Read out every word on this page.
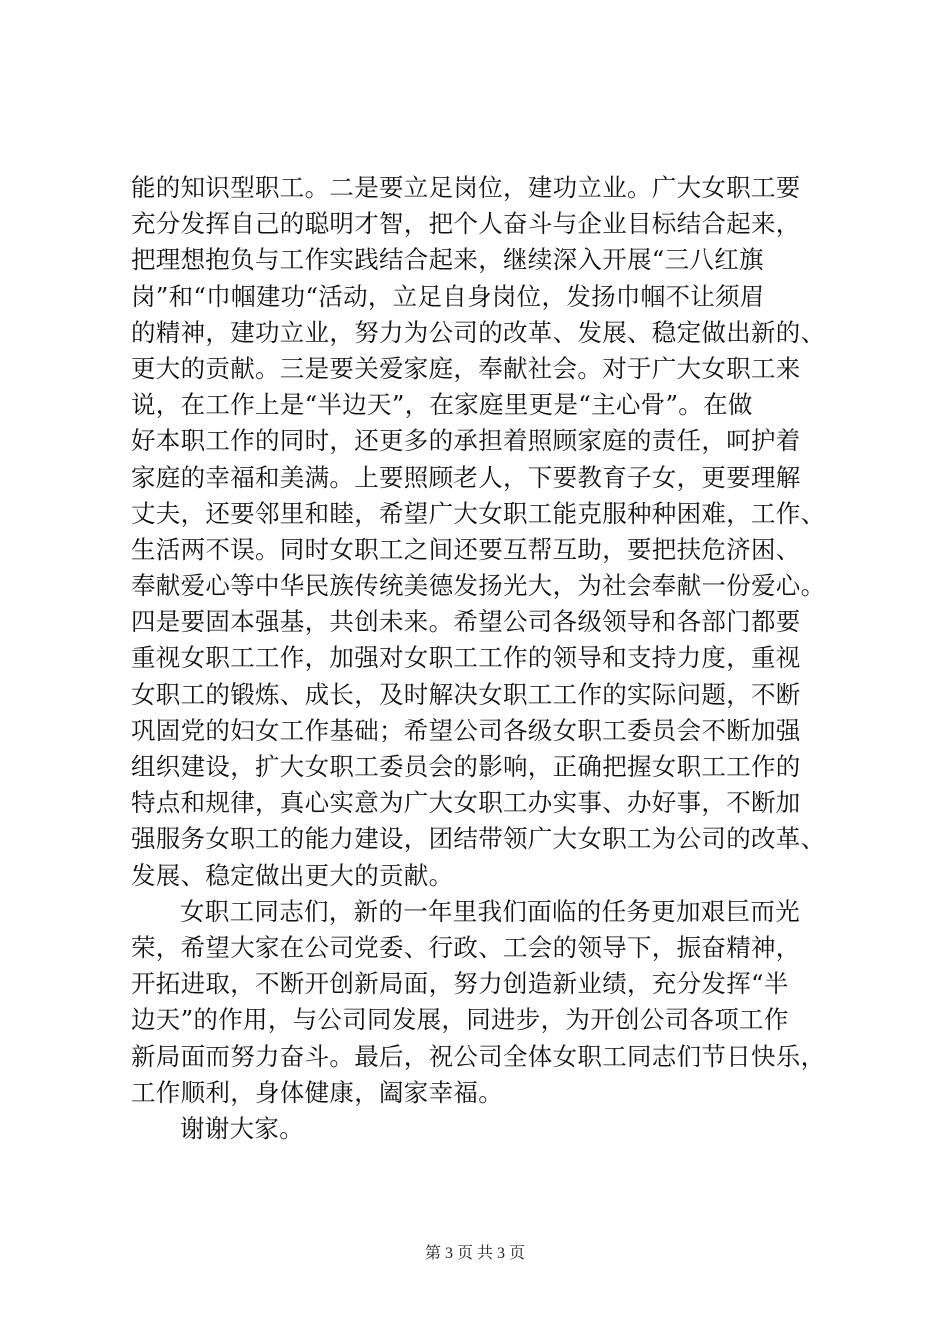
能的知识型职工。二是要立足岗位，建功立业。广大女职工要
充分发挥自己的聪明才智，把个人奋斗与企业目标结合起来，
把理想抱负与工作实践结合起来，继续深入开展“三八红旗
岗”和“巾帼建功“活动，立足自身岗位，发扬巾帼不让须眉
的精神，建功立业，努力为公司的改革、发展、稳定做出新的、
更大的贡献。三是要关爱家庭，奉献社会。对于广大女职工来
说，在工作上是“半边天”，在家庭里更是“主心骨”。在做
好本职工作的同时，还更多的承担着照顾家庭的责任，呵护着
家庭的幸福和美满。上要照顾老人，下要教育子女，更要理解
丈夫，还要邻里和睦，希望广大女职工能克服种种困难，工作、
生活两不误。同时女职工之间还要互帮互助，要把扶危济困、
奉献爱心等中华民族传统美德发扬光大，为社会奉献一份爱心。
四是要固本强基，共创未来。希望公司各级领导和各部门都要
重视女职工工作，加强对女职工工作的领导和支持力度，重视
女职工的锻炼、成长，及时解决女职工工作的实际问题，不断
巩固党的妇女工作基础；希望公司各级女职工委员会不断加强
组织建设，扩大女职工委员会的影响，正确把握女职工工作的
特点和规律，真心实意为广大女职工办实事、办好事，不断加
强服务女职工的能力建设，团结带领广大女职工为公司的改革、
发展、稳定做出更大的贡献。
女职工同志们，新的一年里我们面临的任务更加艰巨而光
荣，希望大家在公司党委、行政、工会的领导下，振奋精神，
开拓进取，不断开创新局面，努力创造新业绩，充分发挥“半
边天”的作用，与公司同发展，同进步，为开创公司各项工作
新局面而努力奋斗。最后，祝公司全体女职工同志们节日快乐，
工作顺利，身体健康，阖家幸福。
谢谢大家。
第 3 页 共 3 页
